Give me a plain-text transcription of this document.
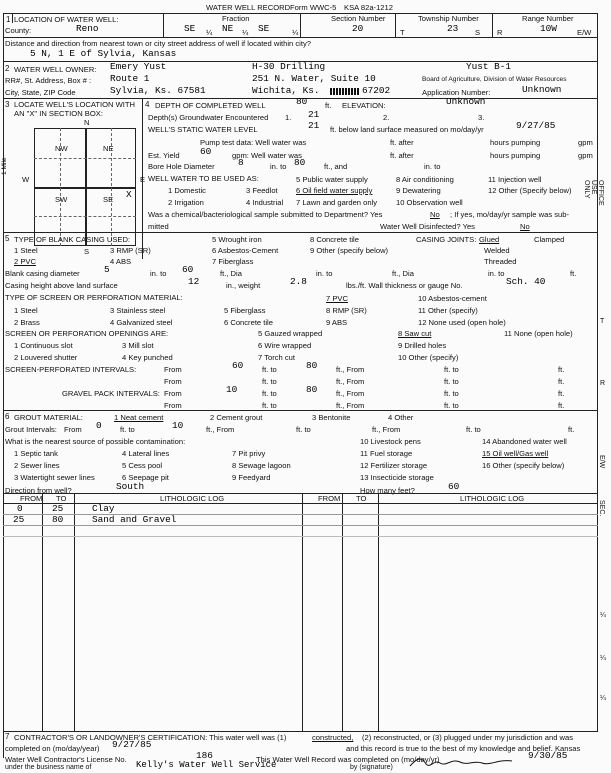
WATER WELL RECORD Form WWC-5 KSA 82a-1212
1 LOCATION OF WATER WELL:
County:	Reno
Fraction
SE ¼ NE ¼ SE	¼
Section Number
20
Township Number
T	23 S
Range Number
R	10W	E/W
Distance and direction from nearest town or city street address of well if located within city?
5 N, 1 E of Sylvia, Kansas
2 WATER WELL OWNER: Emery Yust	H-30 Drilling	Yust B-1
RR#, St. Address, Box # : Route 1	251 N. Water, Suite 10	Board of Agriculture, Division of Water Resources
City, State, ZIP Code	Sylvia, Ks. 67581	Wichita, Ks.	67202	Application Number:	Unknown
3 LOCATE WELL'S LOCATION WITH
AN "X" IN SECTION BOX:
N
S
W	E
1 Mile
NW	NE
SW	SE X
4 DEPTH OF COMPLETED WELL	80 ft. ELEVATION:	Unknown
Depth(s) Groundwater Encountered 1. 21	2.	3.
WELL'S STATIC WATER LEVEL	21 ft. below land surface measured on mo/day/yr	9/27/85
Pump test data: Well water was	ft. after	hours pumping	gpm
Est. Yield 60	gpm: Well water was	ft. after	hours pumping	gpm
Bore Hole Diameter 8	in. to 80 ft., and	in. to
WELL WATER TO BE USED AS:
1 Domestic
2 Irrigation
3 Feedlot
4 Industrial
5 Public water supply
6 Oil field water supply
7 Lawn and garden only
8 Air conditioning
9 Dewatering
10 Observation well
11 Injection well
12 Other (Specify below)
Was a chemical/bacteriological sample submitted to Department? Yes	No ; If yes, mo/day/yr sample was sub-
mitted	Water Well Disinfected? Yes	No
5 TYPE OF BLANK CASING USED:
1 Steel
2 PVC
3 RMP (SR)
4 ABS
5 Wrought iron
6 Asbestos-Cement
7 Fiberglass
8 Concrete tile
9 Other (specify below)
CASING JOINTS: Glued	Clamped
Welded
Threaded
Blank casing diameter	5	in. to 60	ft., Dia	in. to	ft., Dia	in. to	ft.
Casing height above land surface	12	in., weight	2.8	lbs./ft. Wall thickness or gauge No.	Sch. 40
TYPE OF SCREEN OR PERFORATION MATERIAL:
1 Steel
2 Brass
3 Stainless steel
4 Galvanized steel
5 Fiberglass
6 Concrete tile
7 PVC
8 RMP (SR)
9 ABS
10 Asbestos-cement
11 Other (specify)
12 None used (open hole)
SCREEN OR PERFORATION OPENINGS ARE:
1 Continuous slot
2 Louvered shutter
3 Mill slot
4 Key punched
5 Gauzed wrapped
6 Wire wrapped
7 Torch cut
8 Saw cut
9 Drilled holes
10 Other (specify)
11 None (open hole)
SCREEN-PERFORATED INTERVALS:	From	60 ft. to	80 ft., From	ft. to	ft.
From	ft. to	ft., From	ft. to	ft.
GRAVEL PACK INTERVALS: From	10	ft. to	80 ft., From	ft. to	ft.
From	ft. to	ft., From	ft. to	ft.
6 GROUT MATERIAL:	1 Neat cement	2 Cement grout	3 Bentonite	4 Other
Grout Intervals: From 0 ft. to	10	ft., From	ft. to	ft., From	ft. to	ft.
What is the nearest source of possible contamination:
1 Septic tank
2 Sewer lines
3 Watertight sewer lines
4 Lateral lines
5 Cess pool
6 Seepage pit
7 Pit privy
8 Sewage lagoon
9 Feedyard
10 Livestock pens
11 Fuel storage
12 Fertilizer storage
13 Insecticide storage
14 Abandoned water well
15 Oil well/Gas well
16 Other (specify below)
Direction from well?	South	How many feet?	60
FROM TO	LITHOLOGIC LOG	FROM TO	LITHOLOGIC LOG
0	25	Clay
25	80	Sand and Gravel
7 CONTRACTOR'S OR LANDOWNER'S CERTIFICATION: This water well was (1)	constructed, (2) reconstructed, or (3) plugged under my jurisdiction and was
completed on (mo/day/year) 9/27/85	and this record is true to the best of my knowledge and belief. Kansas
Water Well Contractor's License No.	186	This Water Well Record was completed on (mo/day/yr)	9/30/85
under the business name of	Kelly's Water Well Service	by (signature)
OFFICE USE ONLY
T
R
E/W
SEC.
¼
¼
¼
